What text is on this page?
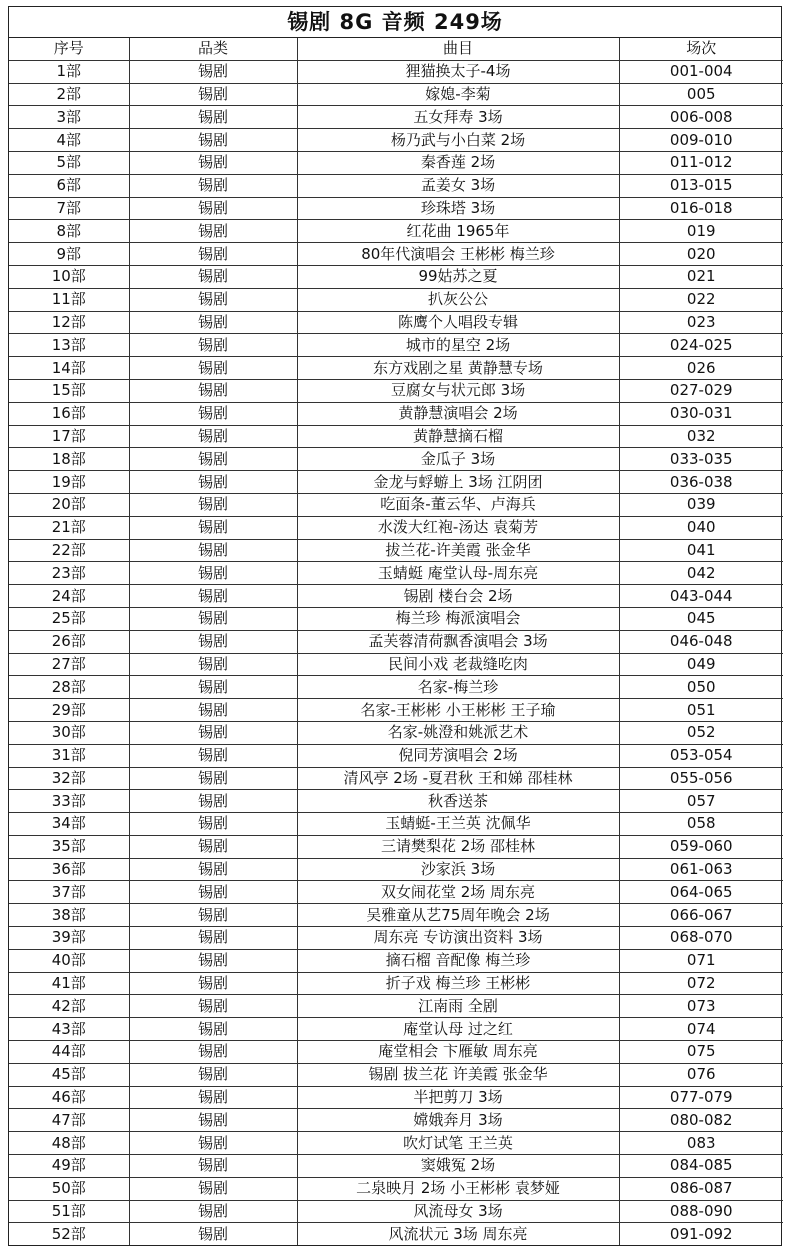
锡剧 8G 音频 249场
序号	品类	曲目	场次
1部	锡剧	狸猫换太子-4场	001-004
2部	锡剧	嫁媳-李菊	005
3部	锡剧	五女拜寿 3场	006-008
4部	锡剧	杨乃武与小白菜 2场	009-010
5部	锡剧	秦香莲 2场	011-012
6部	锡剧	孟姜女 3场	013-015
7部	锡剧	珍珠塔 3场	016-018
8部	锡剧	红花曲 1965年	019
9部	锡剧	80年代演唱会 王彬彬 梅兰珍	020
10部	锡剧	99姑苏之夏	021
11部	锡剧	扒灰公公	022
12部	锡剧	陈鹰个人唱段专辑	023
13部	锡剧	城市的星空 2场	024-025
14部	锡剧	东方戏剧之星 黄静慧专场	026
15部	锡剧	豆腐女与状元郎 3场	027-029
16部	锡剧	黄静慧演唱会 2场	030-031
17部	锡剧	黄静慧摘石榴	032
18部	锡剧	金瓜子 3场	033-035
19部	锡剧	金龙与蜉蝣上 3场 江阴团	036-038
20部	锡剧	吃面条-董云华、卢海兵	039
21部	锡剧	水泼大红袍-汤达 袁菊芳	040
22部	锡剧	拔兰花-许美霞 张金华	041
23部	锡剧	玉蜻蜓 庵堂认母-周东亮	042
24部	锡剧	锡剧 楼台会 2场	043-044
25部	锡剧	梅兰珍 梅派演唱会	045
26部	锡剧	孟芙蓉清荷飘香演唱会 3场	046-048
27部	锡剧	民间小戏 老裁缝吃肉	049
28部	锡剧	名家-梅兰珍	050
29部	锡剧	名家-王彬彬 小王彬彬 王子瑜	051
30部	锡剧	名家-姚澄和姚派艺术	052
31部	锡剧	倪同芳演唱会 2场	053-054
32部	锡剧	清风亭 2场 -夏君秋 王和娣 邵桂林	055-056
33部	锡剧	秋香送茶	057
34部	锡剧	玉蜻蜓-王兰英 沈佩华	058
35部	锡剧	三请樊梨花 2场 邵桂林	059-060
36部	锡剧	沙家浜 3场	061-063
37部	锡剧	双女闹花堂 2场 周东亮	064-065
38部	锡剧	吴雅童从艺75周年晚会 2场	066-067
39部	锡剧	周东亮 专访演出资料 3场	068-070
40部	锡剧	摘石榴 音配像 梅兰珍	071
41部	锡剧	折子戏 梅兰珍 王彬彬	072
42部	锡剧	江南雨 全剧	073
43部	锡剧	庵堂认母 过之红	074
44部	锡剧	庵堂相会 卞雁敏 周东亮	075
45部	锡剧	锡剧 拔兰花 许美霞 张金华	076
46部	锡剧	半把剪刀 3场	077-079
47部	锡剧	嫦娥奔月 3场	080-082
48部	锡剧	吹灯试笔 王兰英	083
49部	锡剧	窦娥冤 2场	084-085
50部	锡剧	二泉映月 2场 小王彬彬 袁梦娅	086-087
51部	锡剧	风流母女 3场	088-090
52部	锡剧	风流状元 3场 周东亮	091-092
